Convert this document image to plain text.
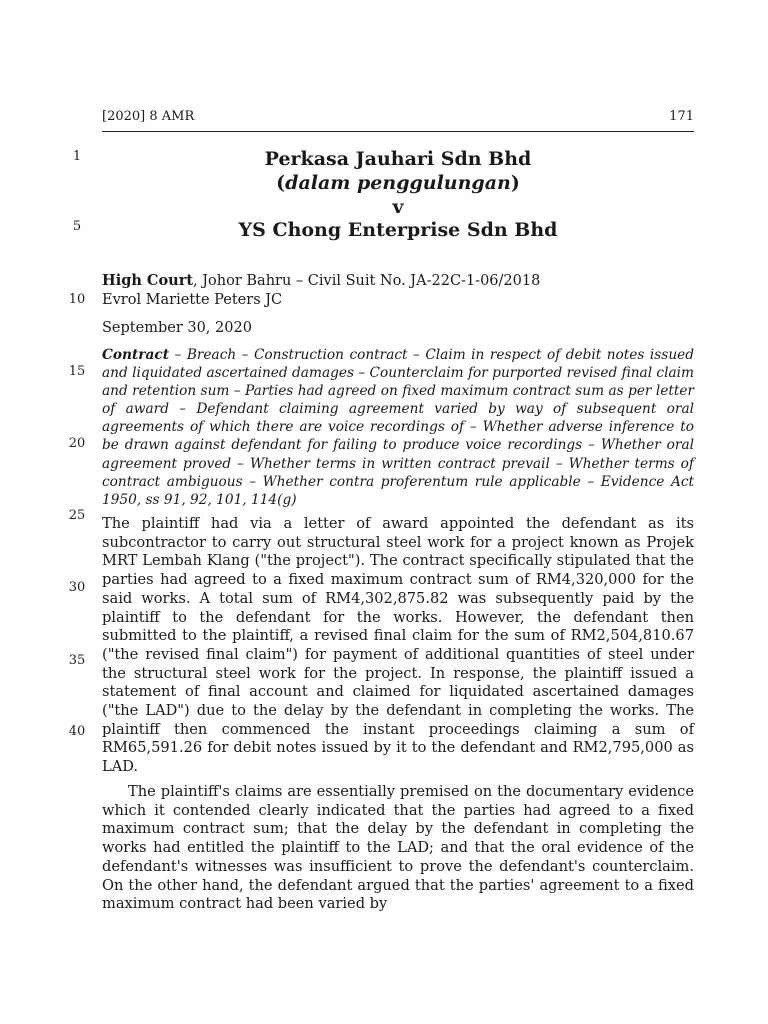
[2020] 8 AMR	171
1
5
10
15
20
25
30
35
40
Perkasa Jauhari Sdn Bhd
(dalam penggulungan)
v
YS Chong Enterprise Sdn Bhd
High Court, Johor Bahru – Civil Suit No. JA-22C-1-06/2018
Evrol Mariette Peters JC
September 30, 2020
Contract – Breach – Construction contract – Claim in respect of debit notes issued and liquidated ascertained damages – Counterclaim for purported revised final claim and retention sum – Parties had agreed on fixed maximum contract sum as per letter of award – Defendant claiming agreement varied by way of subsequent oral agreements of which there are voice recordings of – Whether adverse inference to be drawn against defendant for failing to produce voice recordings – Whether oral agreement proved – Whether terms in written contract prevail – Whether terms of contract ambiguous – Whether contra proferentum rule applicable – Evidence Act 1950, ss 91, 92, 101, 114(g)
The plaintiff had via a letter of award appointed the defendant as its subcontractor to carry out structural steel work for a project known as Projek MRT Lembah Klang ("the project"). The contract specifically stipulated that the parties had agreed to a fixed maximum contract sum of RM4,320,000 for the said works. A total sum of RM4,302,875.82 was subsequently paid by the plaintiff to the defendant for the works. However, the defendant then submitted to the plaintiff, a revised final claim for the sum of RM2,504,810.67 ("the revised final claim") for payment of additional quantities of steel under the structural steel work for the project. In response, the plaintiff issued a statement of final account and claimed for liquidated ascertained damages ("the LAD") due to the delay by the defendant in completing the works. The plaintiff then commenced the instant proceedings claiming a sum of RM65,591.26 for debit notes issued by it to the defendant and RM2,795,000 as LAD.
The plaintiff's claims are essentially premised on the documentary evidence which it contended clearly indicated that the parties had agreed to a fixed maximum contract sum; that the delay by the defendant in completing the works had entitled the plaintiff to the LAD; and that the oral evidence of the defendant's witnesses was insufficient to prove the defendant's counterclaim. On the other hand, the defendant argued that the parties' agreement to a fixed maximum contract had been varied by
